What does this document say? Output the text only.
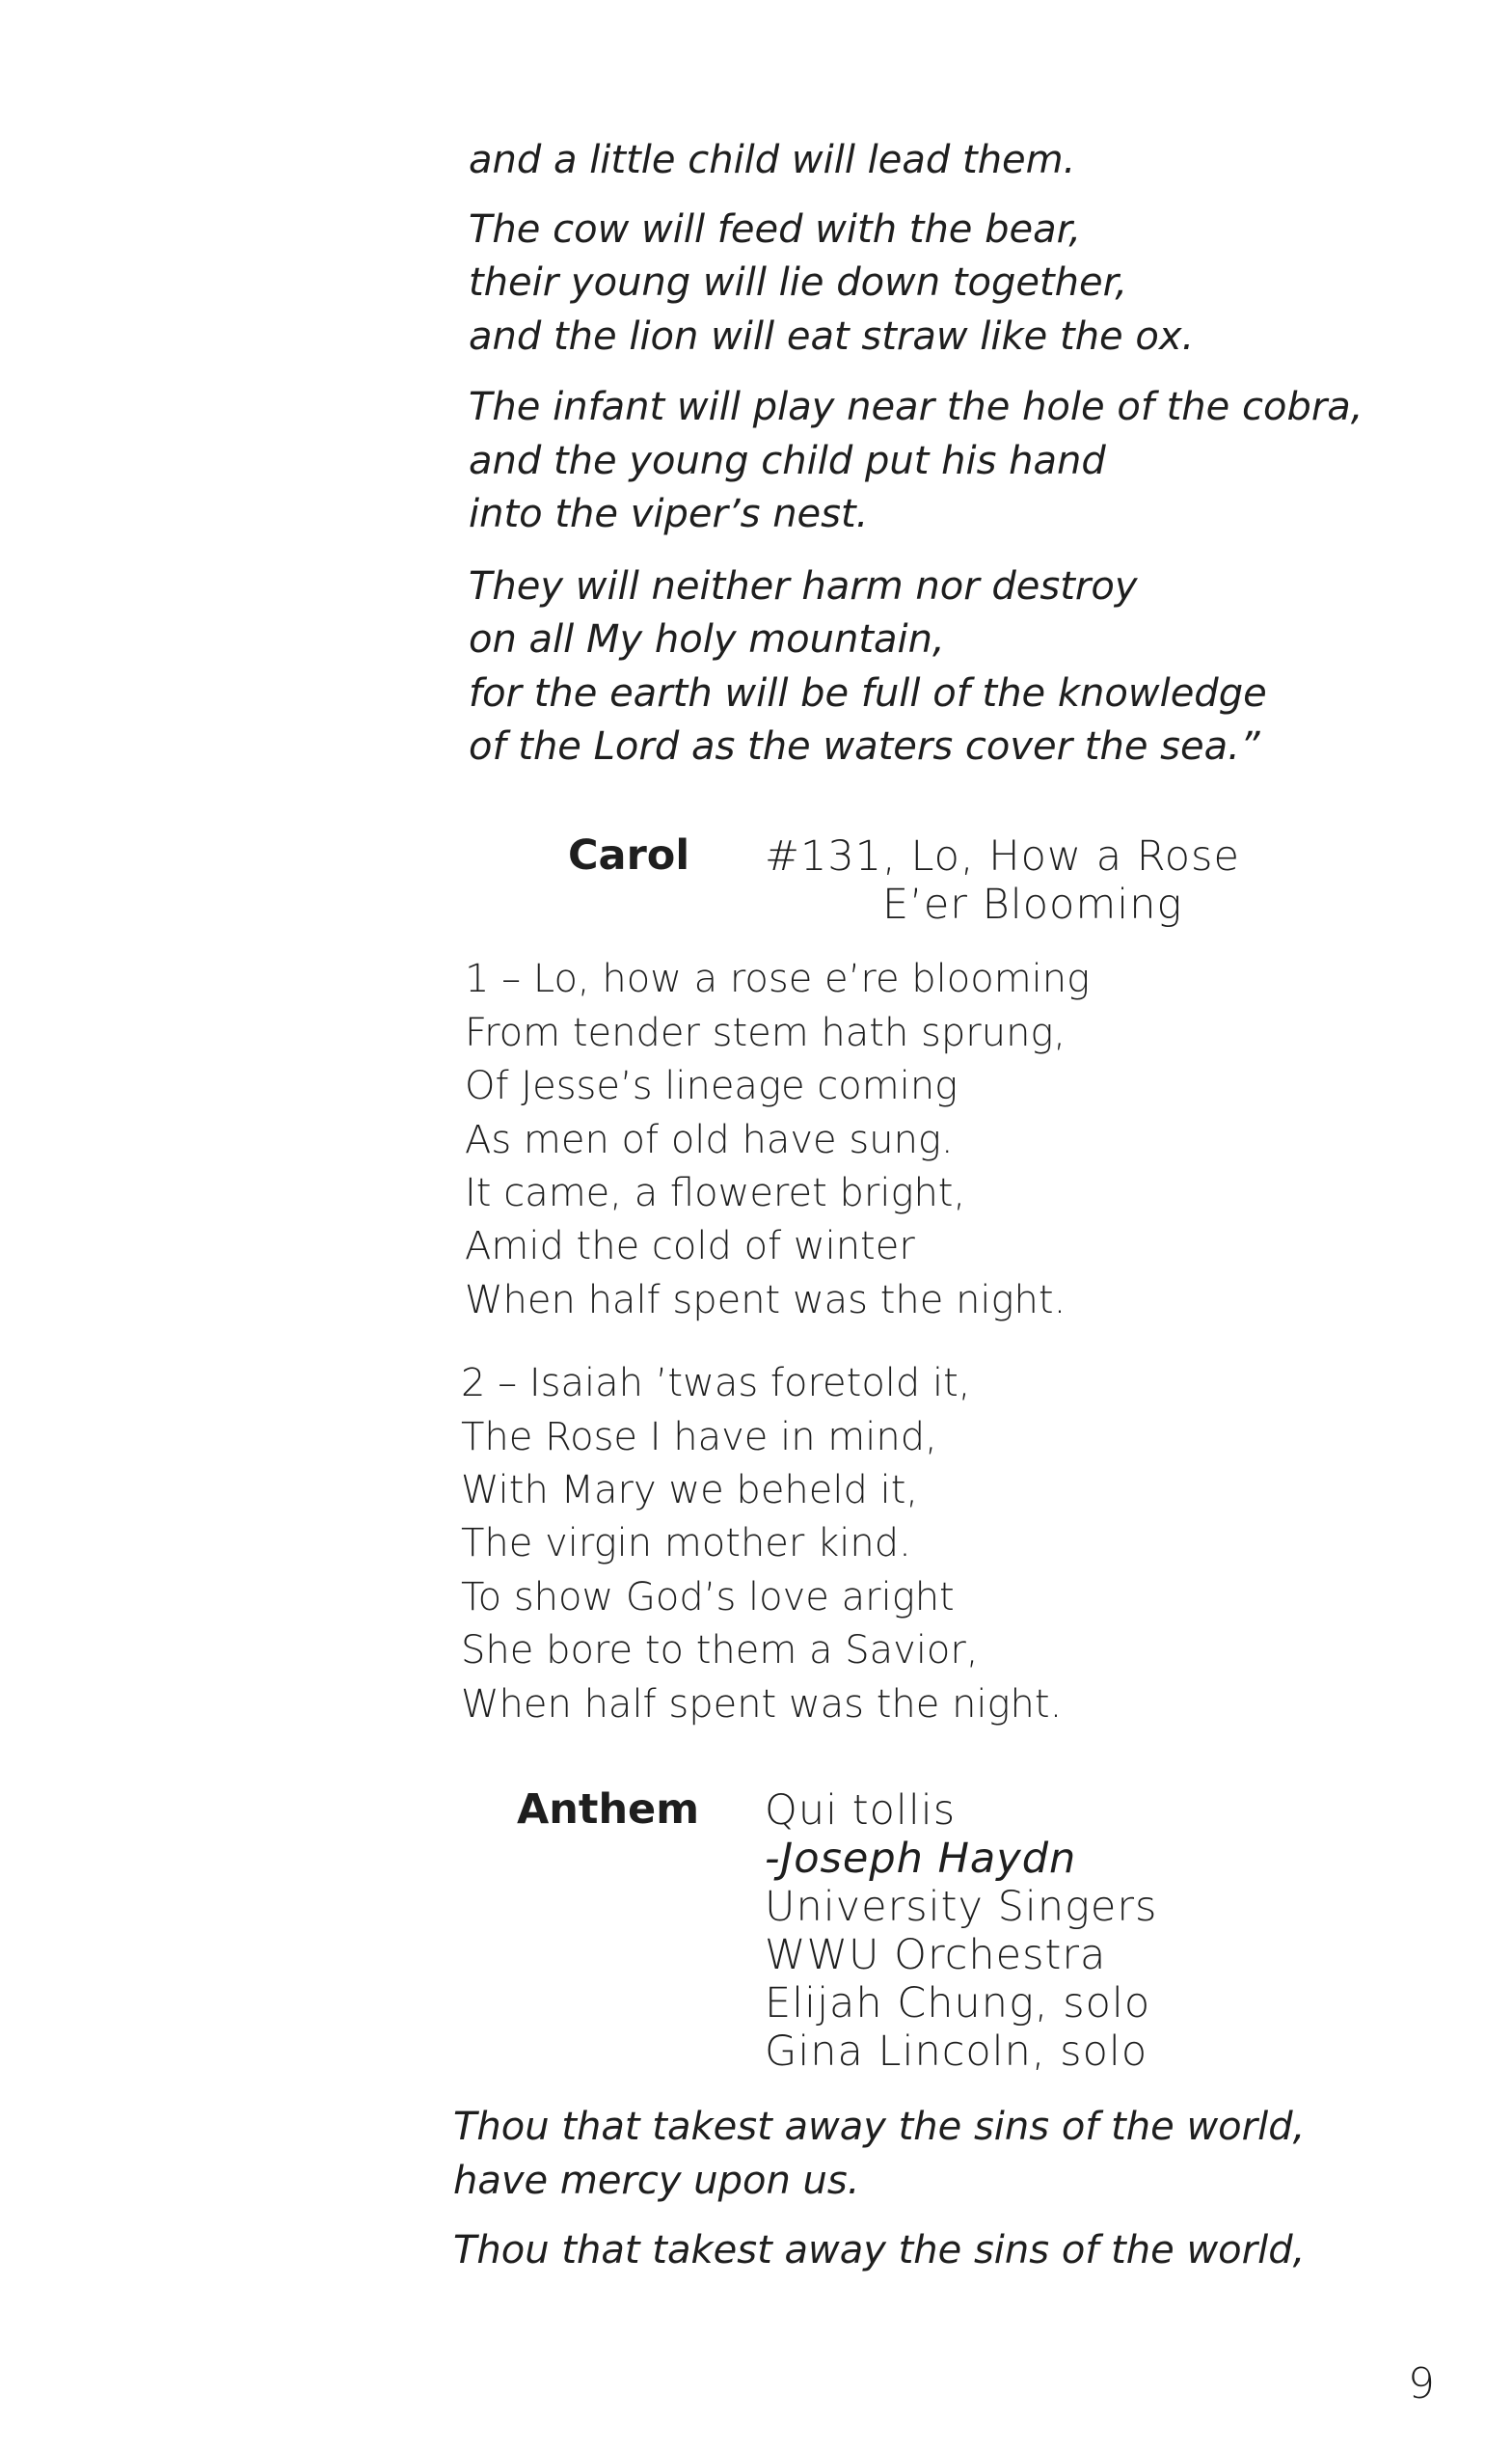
and a little child will lead them.
The cow will feed with the bear,
their young will lie down together,
and the lion will eat straw like the ox.
The infant will play near the hole of the cobra,
and the young child put his hand
into the viper’s nest.
They will neither harm nor destroy
on all My holy mountain,
for the earth will be full of the knowledge
of the Lord as the waters cover the sea.”
Carol #131, Lo, How a Rose
E’er Blooming
1 – Lo, how a rose e’re blooming
From tender stem hath sprung,
Of Jesse’s lineage coming
As men of old have sung.
It came, a floweret bright,
Amid the cold of winter
When half spent was the night.
2 – Isaiah ’twas foretold it,
The Rose I have in mind,
With Mary we beheld it,
The virgin mother kind.
To show God’s love aright
She bore to them a Savior,
When half spent was the night.
Anthem Qui tollis
-Joseph Haydn
University Singers
WWU Orchestra
Elijah Chung, solo
Gina Lincoln, solo
Thou that takest away the sins of the world,
have mercy upon us.
Thou that takest away the sins of the world,
9
